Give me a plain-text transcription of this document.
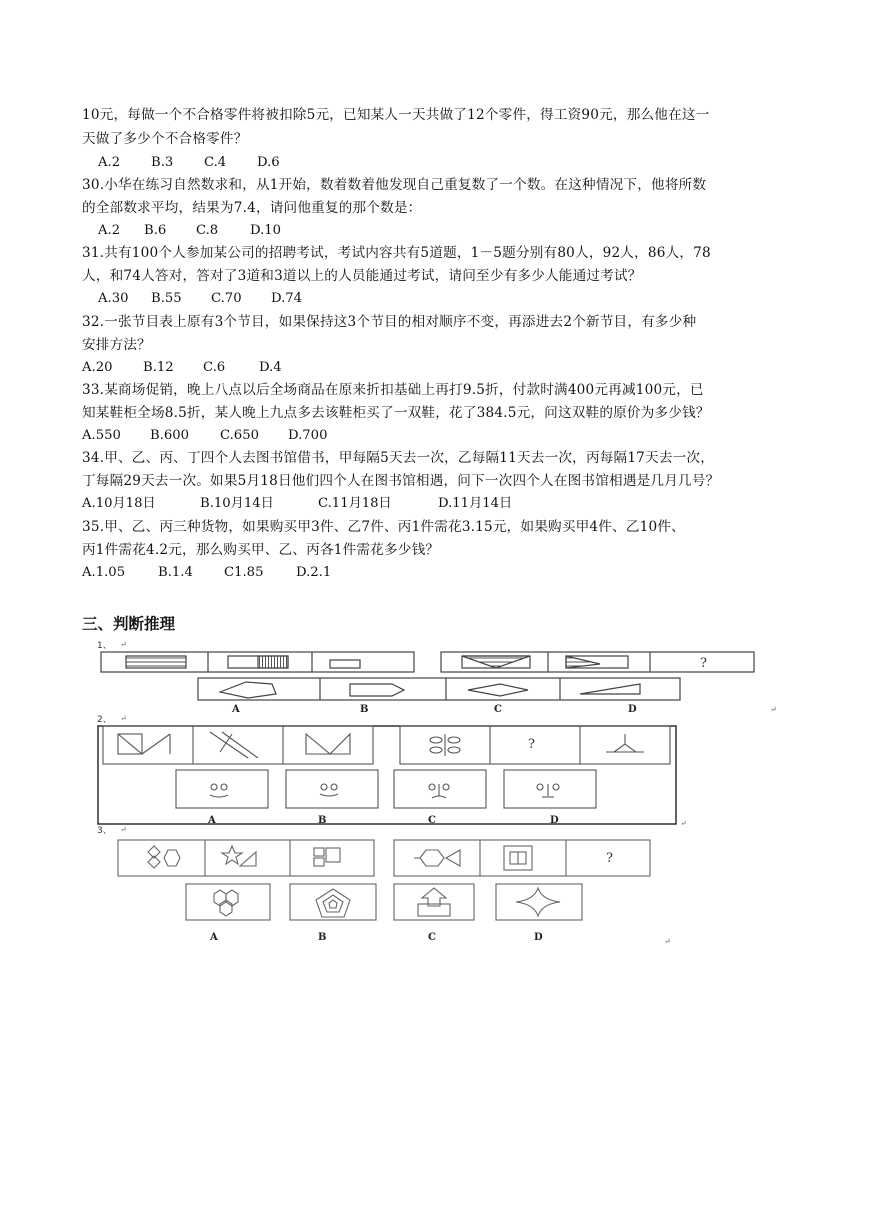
10元，每做一个不合格零件将被扣除5元，已知某人一天共做了12个零件，得工资90元，那么他在这一
天做了多少个不合格零件？
A.2 B.3 C.4 D.6
30.小华在练习自然数求和，从1开始，数着数着他发现自己重复数了一个数。在这种情况下，他将所数
的全部数求平均，结果为7.4，请问他重复的那个数是：
A.2 B.6 C.8 D.10
31.共有100个人参加某公司的招聘考试，考试内容共有5道题，1－5题分别有80人，92人，86人，78
人，和74人答对，答对了3道和3道以上的人员能通过考试，请问至少有多少人能通过考试？
A.30 B.55 C.70 D.74
32.一张节目表上原有3个节目，如果保持这3个节目的相对顺序不变，再添进去2个新节目，有多少种
安排方法？
A.20 B.12 C.6	D.4
33.某商场促销，晚上八点以后全场商品在原来折扣基础上再打9.5折，付款时满400元再减100元，已
知某鞋柜全场8.5折，某人晚上九点多去该鞋柜买了一双鞋，花了384.5元，问这双鞋的原价为多少钱？
A.550 B.600 C.650 D.700
34.甲、乙、丙、丁四个人去图书馆借书，甲每隔5天去一次，乙每隔11天去一次，丙每隔17天去一次，
丁每隔29天去一次。如果5月18日他们四个人在图书馆相遇，问下一次四个人在图书馆相遇是几月几号？
A.10月18日	B.10月14日	C.11月18日	D.11月14日
35.甲、乙、丙三种货物，如果购买甲3件、乙7件、丙1件需花3.15元，如果购买甲4件、乙10件、
丙1件需花4.2元，那么购买甲、乙、丙各1件需花多少钱？
A.1.05 B.1.4 C1.85 D.2.1
三、判断推理
1、 ↵
?
A	B	C	D	↵
2、 ↵
?
A	B	C	D	↵
3、 ↵
?
A	B	C	D	↵
